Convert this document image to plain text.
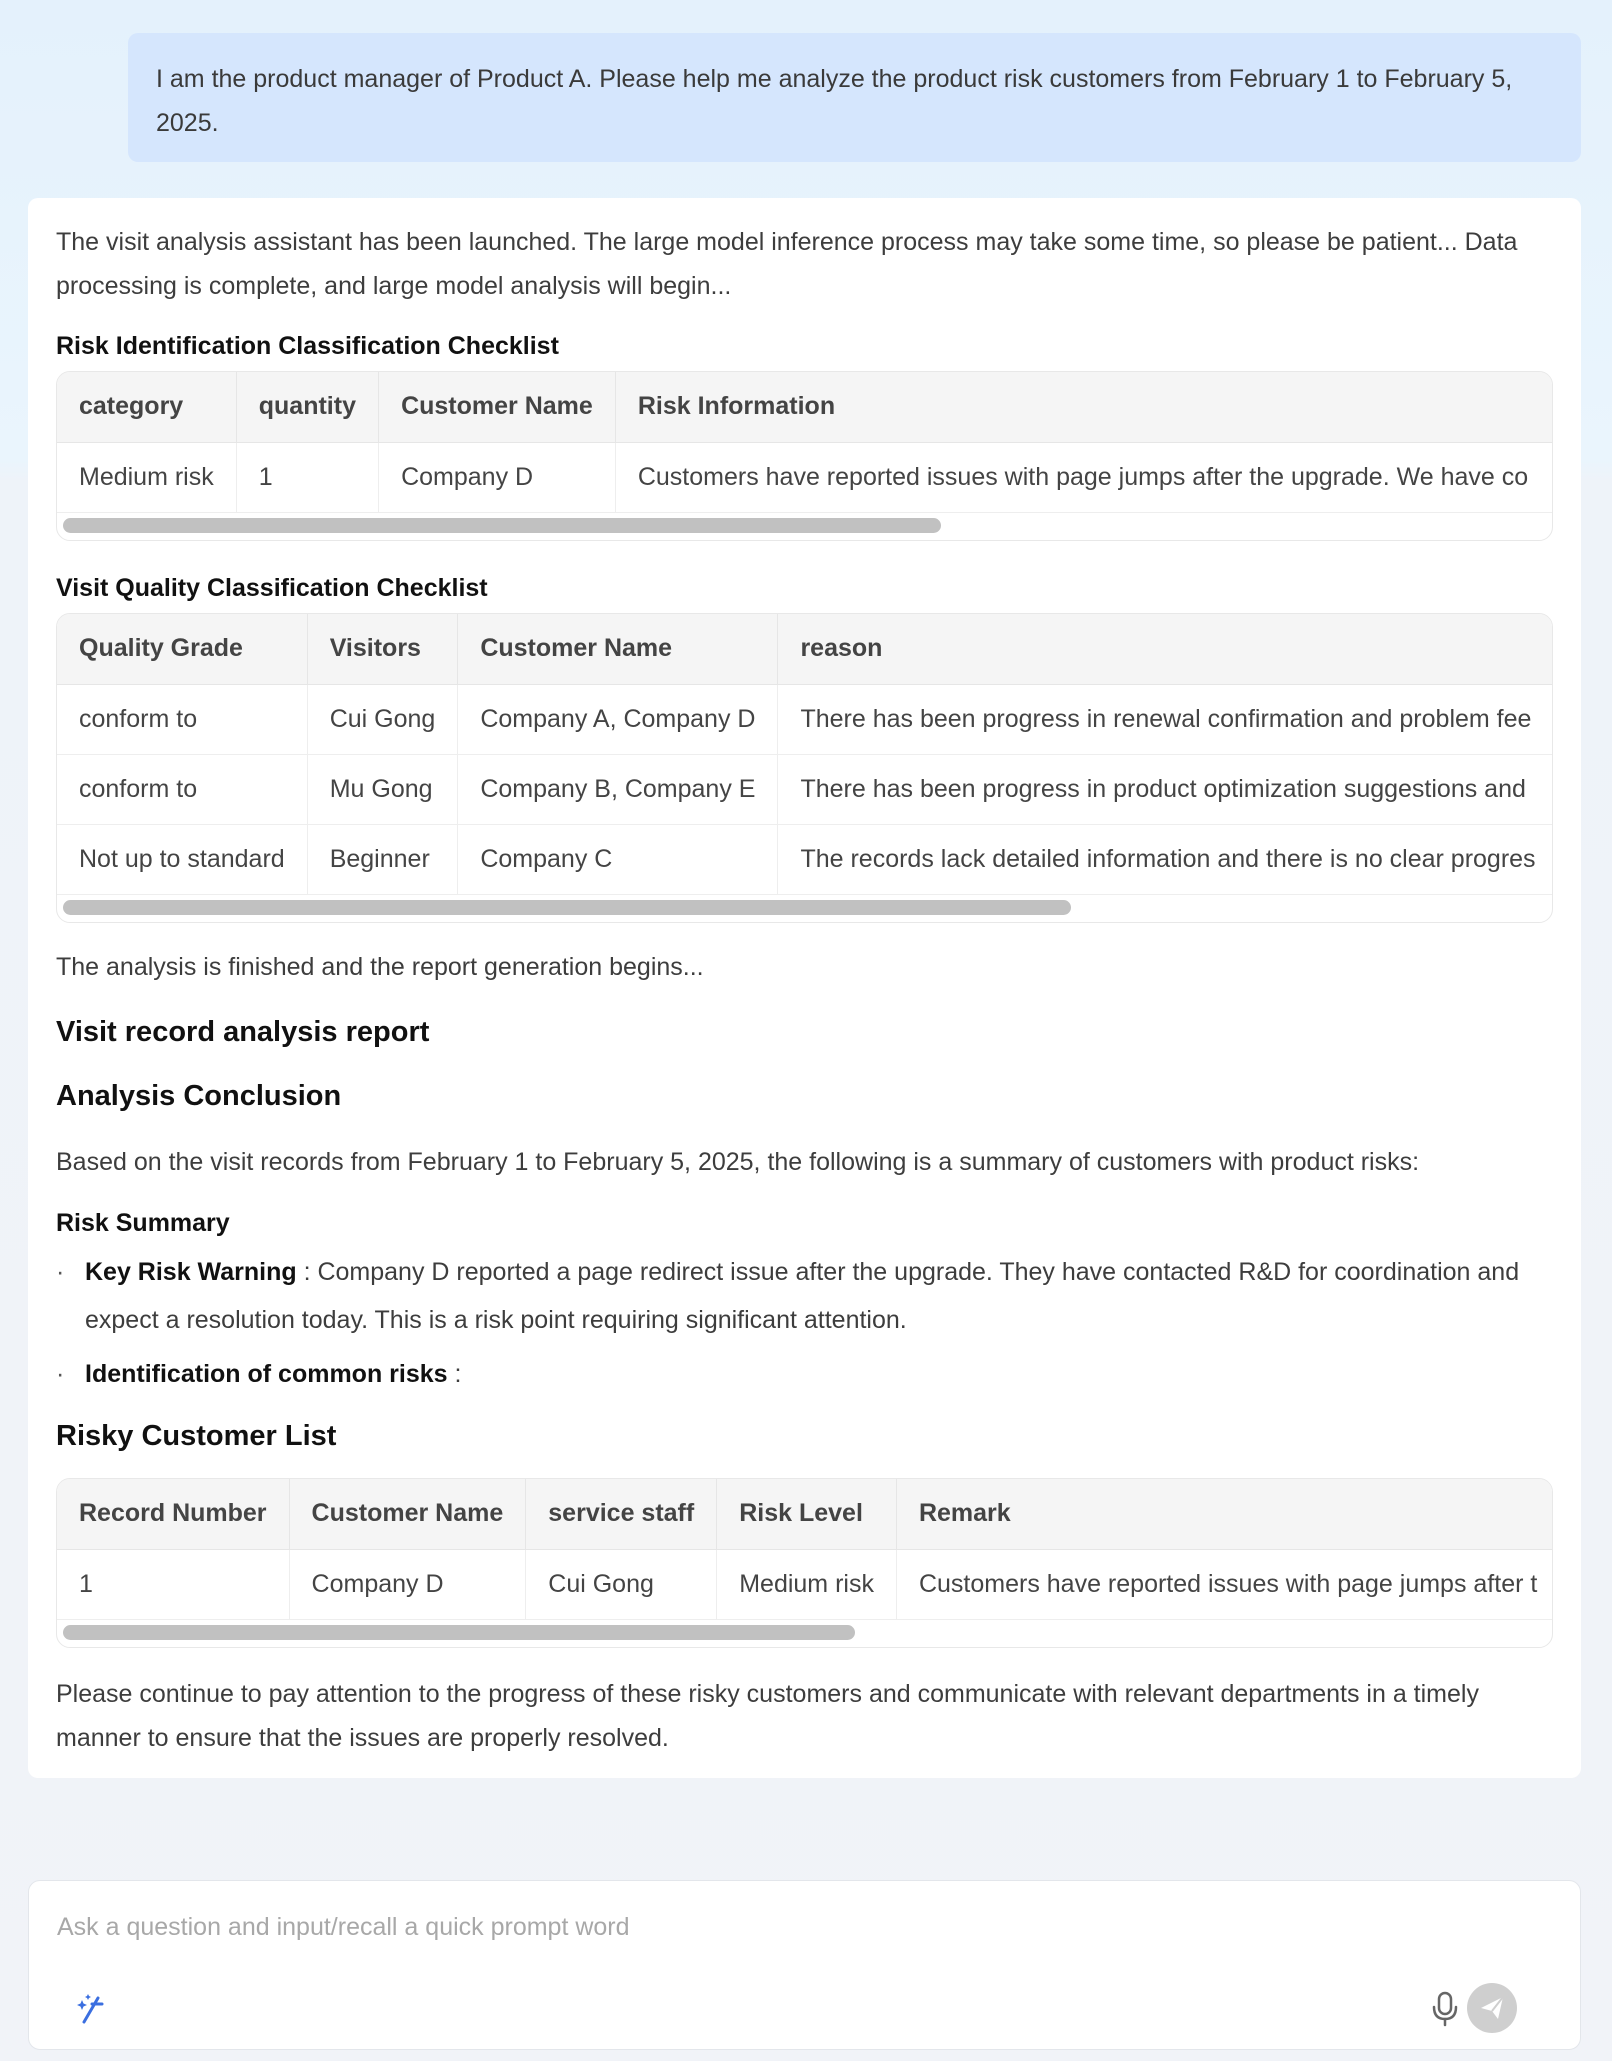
I am the product manager of Product A. Please help me analyze the product risk customers from February 1 to February 5, 2025.
The visit analysis assistant has been launched. The large model inference process may take some time, so please be patient... Data processing is complete, and large model analysis will begin...
Risk Identification Classification Checklist
category	quantity	Customer Name	Risk Information
Medium risk	1	Company D	Customers have reported issues with page jumps after the upgrade. We have co
Visit Quality Classification Checklist
Quality Grade	Visitors	Customer Name	reason
conform to	Cui Gong	Company A, Company D	There has been progress in renewal confirmation and problem fee
conform to	Mu Gong	Company B, Company E	There has been progress in product optimization suggestions and
Not up to standard	Beginner	Company C	The records lack detailed information and there is no clear progres
The analysis is finished and the report generation begins...
Visit record analysis report
Analysis Conclusion
Based on the visit records from February 1 to February 5, 2025, the following is a summary of customers with product risks:
Risk Summary
· Key Risk Warning : Company D reported a page redirect issue after the upgrade. They have contacted R&D for coordination and expect a resolution today. This is a risk point requiring significant attention.
· Identification of common risks :
Risky Customer List
Record Number	Customer Name	service staff	Risk Level	Remark
1	Company D	Cui Gong	Medium risk	Customers have reported issues with page jumps after t
Please continue to pay attention to the progress of these risky customers and communicate with relevant departments in a timely manner to ensure that the issues are properly resolved.
Ask a question and input/recall a quick prompt word
